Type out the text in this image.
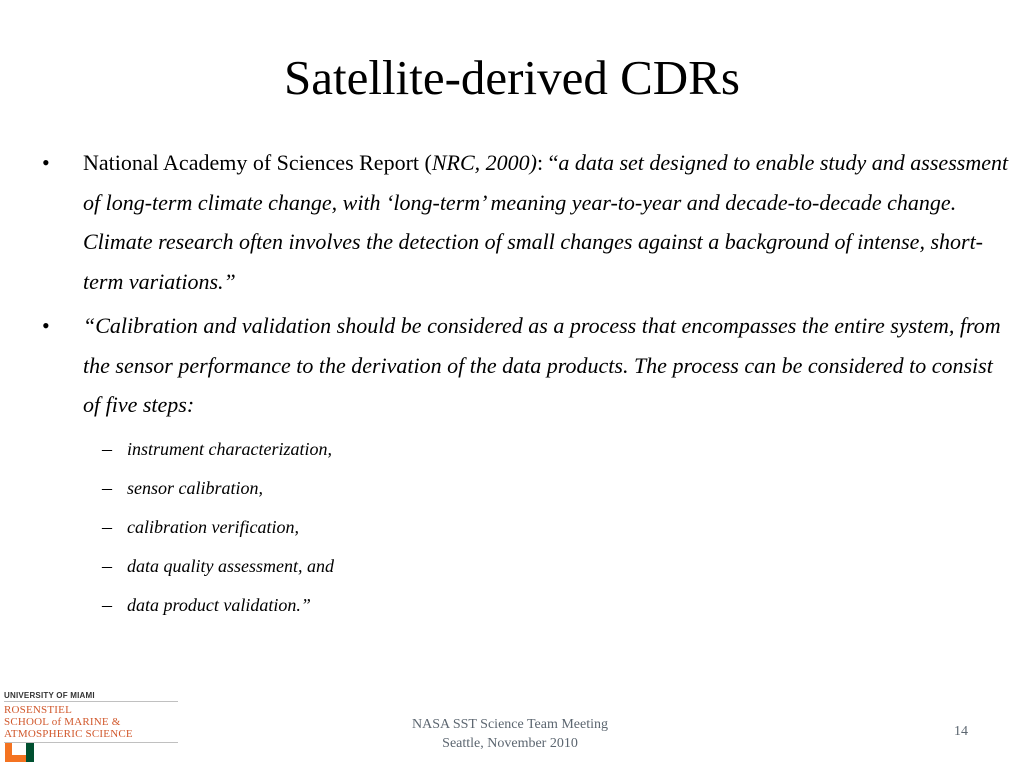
Satellite-derived CDRs
• National Academy of Sciences Report (NRC, 2000): “a data set designed to enable study and assessment of long-term climate change, with ‘long-term’ meaning year-to-year and decade-to-decade change. Climate research often involves the detection of small changes against a background of intense, short-term variations.”
• “Calibration and validation should be considered as a process that encompasses the entire system, from the sensor performance to the derivation of the data products. The process can be considered to consist of five steps:
– instrument characterization,
– sensor calibration,
– calibration verification,
– data quality assessment, and
– data product validation.”
UNIVERSITY OF MIAMI
ROSENSTIEL
SCHOOL of MARINE &
ATMOSPHERIC SCIENCE
NASA SST Science Team Meeting
Seattle, November 2010
14
